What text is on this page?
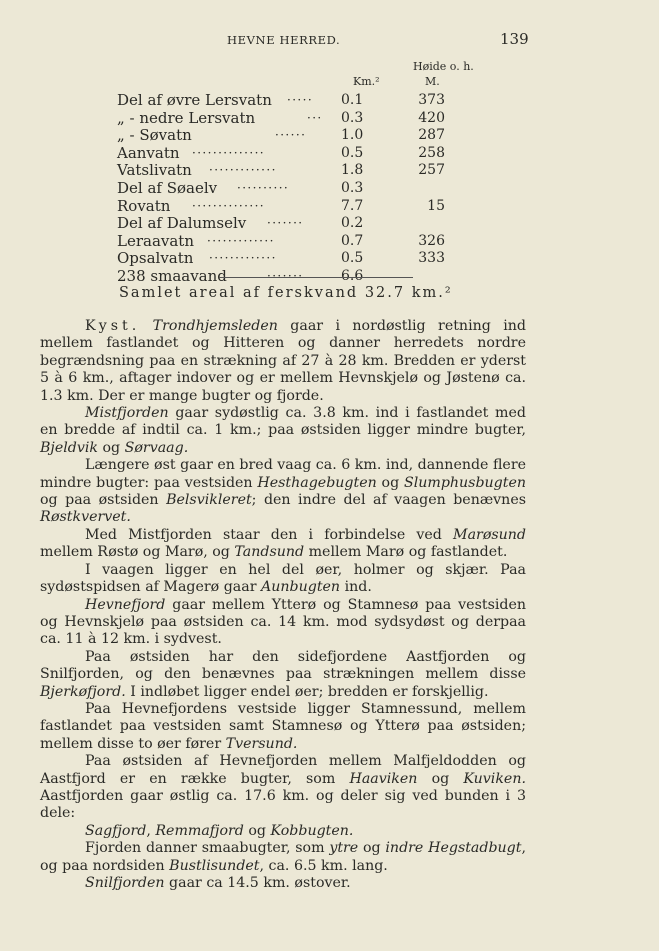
HEVNE HERRED.	139
Høide o. h.
Km.²	M.
Del af øvre Lersvatn ····· 0.1	373
„ - nedre Lersvatn	··· 0.3	420
„ - Søvatn	······ 1.0	287
Aanvatn ··············	0.5	258
Vatslivatn ·············	1.8	257
Del af Søaelv ··········	0.3
Rovatn ··············	7.7	15
Del af Dalumselv ·······	0.2
Leraavatn ·············	0.7	326
Opsalvatn ·············	0.5	333
238 smaavand	·······	6.6
Samlet areal af ferskvand 32.7 km.²

Kyst. Trondhjemsleden gaar i nordøstlig retning ind mellem fastlandet og Hitteren og danner herredets nordre begrændsning paa en strækning af 27 à 28 km. Bredden er yderst 5 à 6 km., aftager indover og er mellem Hevnskjelø og Jøstenø ca. 1.3 km. Der er mange bugter og fjorde.

Mistfjorden gaar sydøstlig ca. 3.8 km. ind i fastlandet med en bredde af indtil ca. 1 km.; paa østsiden ligger mindre bugter, Bjeldvik og Sørvaag.

Længere øst gaar en bred vaag ca. 6 km. ind, dannende flere mindre bugter: paa vestsiden Hesthagebugten og Slumphusbugten og paa østsiden Belsvikleret; den indre del af vaagen benævnes Røstkvervet.

Med Mistfjorden staar den i forbindelse ved Marøsund mellem Røstø og Marø, og Tandsund mellem Marø og fastlandet.

I vaagen ligger en hel del øer, holmer og skjær. Paa sydøstspidsen af Magerø gaar Aunbugten ind.

Hevnefjord gaar mellem Ytterø og Stamnesø paa vestsiden og Hevnskjelø paa østsiden ca. 14 km. mod sydsydøst og derpaa ca. 11 à 12 km. i sydvest.

Paa østsiden har den sidefjordene Aastfjorden og Snilfjorden, og den benævnes paa strækningen mellem disse Bjerkøfjord. I indløbet ligger endel øer; bredden er forskjellig.

Paa Hevnefjordens vestside ligger Stamnessund, mellem fastlandet paa vestsiden samt Stamnesø og Ytterø paa østsiden; mellem disse to øer fører Tversund.

Paa østsiden af Hevnefjorden mellem Malfjeldodden og Aastfjord er en række bugter, som Haaviken og Kuviken. Aastfjorden gaar østlig ca. 17.6 km. og deler sig ved bunden i 3 dele:

Sagfjord, Remmafjord og Kobbugten.

Fjorden danner smaabugter, som ytre og indre Hegstadbugt, og paa nordsiden Bustlisundet, ca. 6.5 km. lang.

Snilfjorden gaar ca 14.5 km. østover.
